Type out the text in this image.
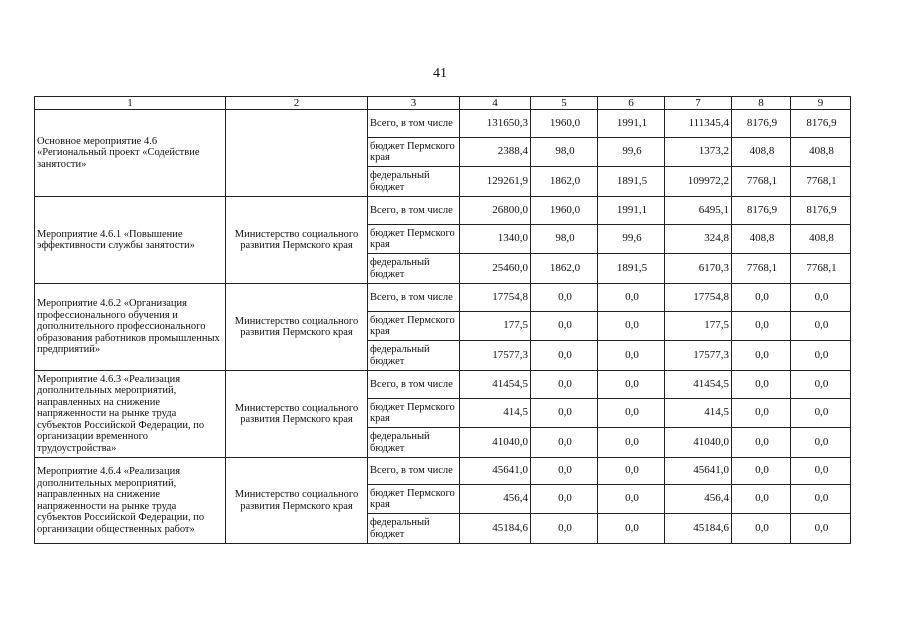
41
1	2	3	4	5	6	7	8	9
Основное мероприятие 4.6 «Региональный проект «Содействие занятости»		Всего, в том числе	131650,3	1960,0	1991,1	111345,4	8176,9	8176,9
		бюджет Пермского края	2388,4	98,0	99,6	1373,2	408,8	408,8
		федеральный бюджет	129261,9	1862,0	1891,5	109972,2	7768,1	7768,1
Мероприятие 4.6.1 «Повышение эффективности службы занятости»	Министерство социального развития Пермского края	Всего, в том числе	26800,0	1960,0	1991,1	6495,1	8176,9	8176,9
		бюджет Пермского края	1340,0	98,0	99,6	324,8	408,8	408,8
		федеральный бюджет	25460,0	1862,0	1891,5	6170,3	7768,1	7768,1
Мероприятие 4.6.2 «Организация профессионального обучения и дополнительного профессионального образования работников промышленных предприятий»	Министерство социального развития Пермского края	Всего, в том числе	17754,8	0,0	0,0	17754,8	0,0	0,0
		бюджет Пермского края	177,5	0,0	0,0	177,5	0,0	0,0
		федеральный бюджет	17577,3	0,0	0,0	17577,3	0,0	0,0
Мероприятие 4.6.3 «Реализация дополнительных мероприятий, направленных на снижение напряженности на рынке труда субъектов Российской Федерации, по организации временного трудоустройства»	Министерство социального развития Пермского края	Всего, в том числе	41454,5	0,0	0,0	41454,5	0,0	0,0
		бюджет Пермского края	414,5	0,0	0,0	414,5	0,0	0,0
		федеральный бюджет	41040,0	0,0	0,0	41040,0	0,0	0,0
Мероприятие 4.6.4 «Реализация дополнительных мероприятий, направленных на снижение напряженности на рынке труда субъектов Российской Федерации, по организации общественных работ»	Министерство социального развития Пермского края	Всего, в том числе	45641,0	0,0	0,0	45641,0	0,0	0,0
		бюджет Пермского края	456,4	0,0	0,0	456,4	0,0	0,0
		федеральный бюджет	45184,6	0,0	0,0	45184,6	0,0	0,0
